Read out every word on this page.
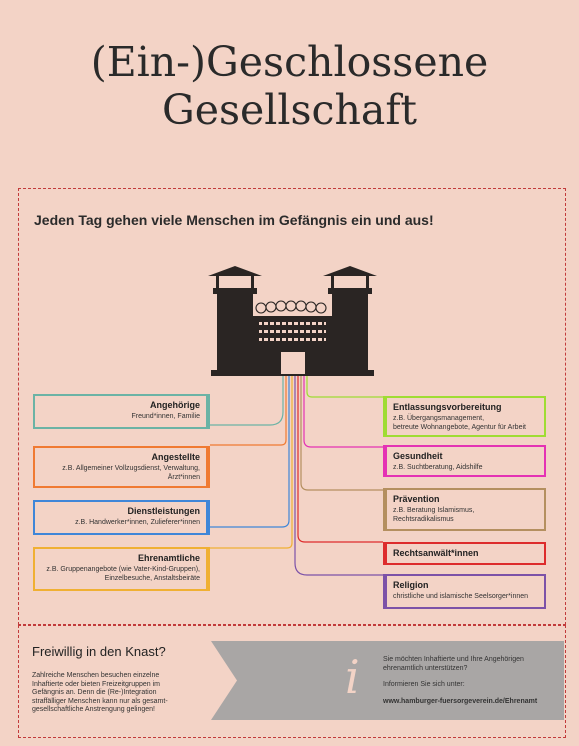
(Ein-)Geschlossene
Gesellschaft
Jeden Tag gehen viele Menschen im Gefängnis ein und aus!
Angehörige
Freund*innen, Familie
Angestellte
z.B. Allgemeiner Vollzugsdienst, Verwaltung,
Ärzt*innen
Dienstleistungen
z.B. Handwerker*innen, Zulieferer*innen
Ehrenamtliche
z.B. Gruppenangebote (wie Vater-Kind-Gruppen),
Einzelbesuche, Anstaltsbeiräte
Entlassungsvorbereitung
z.B. Übergangsmanagement,
betreute Wohnangebote, Agentur für Arbeit
Gesundheit
z.B. Suchtberatung, Aidshilfe
Prävention
z.B. Beratung Islamismus,
Rechtsradikalismus
Rechtsanwält*innen
Religion
christliche und islamische Seelsorger*innen
Freiwillig in den Knast?
Zahlreiche Menschen besuchen einzelne Inhaftierte oder bieten Freizeitgruppen im Gefängnis an. Denn die (Re-)Integration straffälliger Menschen kann nur als gesamt-gesellschaftliche Anstrengung gelingen!
i	Sie möchten Inhaftierte und Ihre Angehörigen ehrenamtlich unterstützen?
Informieren Sie sich unter:
www.hamburger-fuersorgeverein.de/Ehrenamt
